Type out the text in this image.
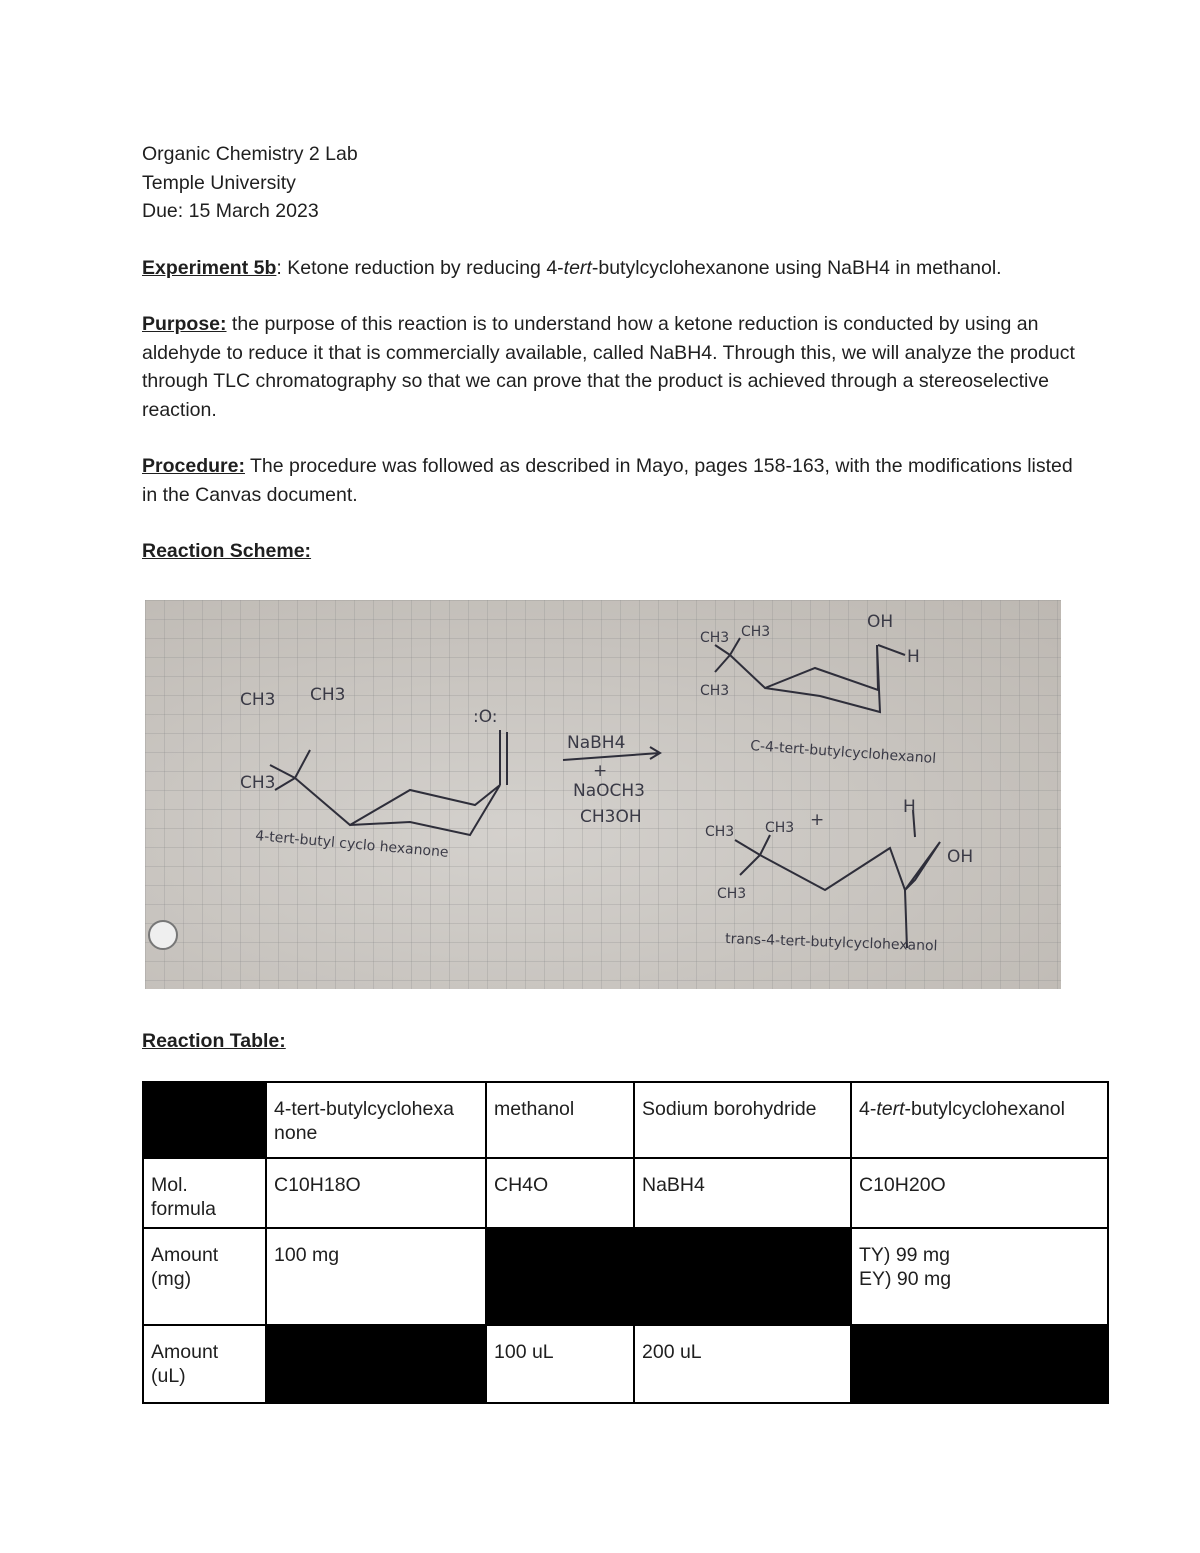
Organic Chemistry 2 Lab

Temple University

Due: 15 March 2023

Experiment 5b: Ketone reduction by reducing 4-tert-butylcyclohexanone using NaBH4 in methanol.

Purpose: the purpose of this reaction is to understand how a ketone reduction is conducted by using an aldehyde to reduce it that is commercially available, called NaBH4. Through this, we will analyze the product through TLC chromatography so that we can prove that the product is achieved through a stereoselective reaction.

Procedure: The procedure was followed as described in Mayo, pages 158-163, with the modifications listed in the Canvas document.

Reaction Scheme:
CH3 CH3
CH3
:O:
4-tert-butyl cyclo hexanone
NaBH4
+
NaOCH3
CH3OH
CH3 CH3
CH3
OH
H
C-4-tert-butylcyclohexanol
+
CH3 CH3
CH3
H
OH
trans-4-tert-butylcyclohexanol
Reaction Table:
	4-tert-butylcyclohexa none	methanol	Sodium borohydride	4-tert-butylcyclohexanol
Mol. formula	C10H18O	CH4O	NaBH4	C10H20O
Amount (mg)	100 mg			TY) 99 mg
EY) 90 mg

Amount (uL)		100 uL	200 uL	
